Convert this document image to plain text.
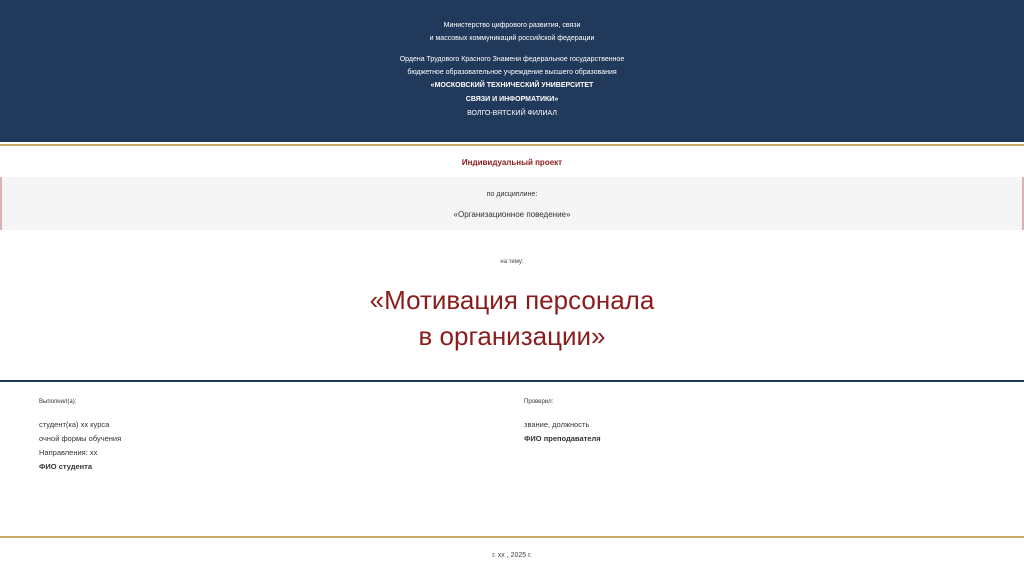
Министерство цифрового развития, связи
и массовых коммуникаций российской федерации
Ордена Трудового Красного Знамени федеральное государственное
бюджетное образовательное учреждение высшего образования
«МОСКОВСКИЙ ТЕХНИЧЕСКИЙ УНИВЕРСИТЕТ
СВЯЗИ И ИНФОРМАТИКИ»
ВОЛГО-ВЯТСКИЙ ФИЛИАЛ
Индивидуальный проект
по дисциплине:
«Организационное поведение»
на тему:
«Мотивация персонала
в организации»
Выполнил(а):
студент(ка) хх курса
очной формы обучения
Направления: хх
ФИО студента
Проверил:
звание, должность
ФИО преподавателя
г. хх , 2025 г.
